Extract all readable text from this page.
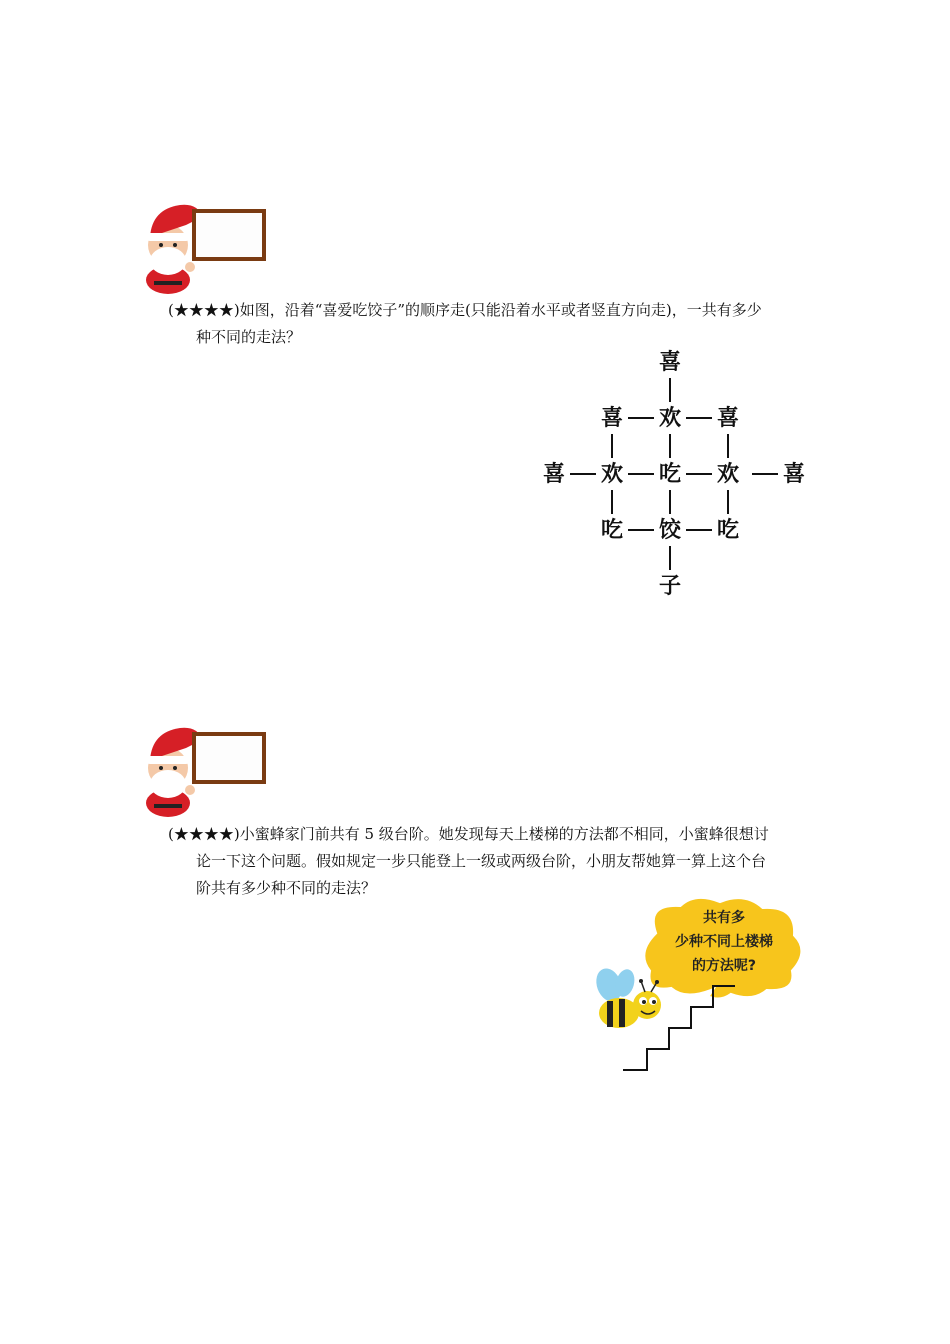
(★★★★)如图，沿着“喜爱吃饺子”的顺序走(只能沿着水平或者竖直方向走)，一共有多少
种不同的走法？

喜
喜 欢 喜
喜 欢 吃 欢 喜
吃 饺 吃
子

(★★★★)小蜜蜂家门前共有 5 级台阶。她发现每天上楼梯的方法都不相同，小蜜蜂很想讨
论一下这个问题。假如规定一步只能登上一级或两级台阶，小朋友帮她算一算上这个台
阶共有多少种不同的走法？

共有多
少种不同上楼梯
的方法呢?
